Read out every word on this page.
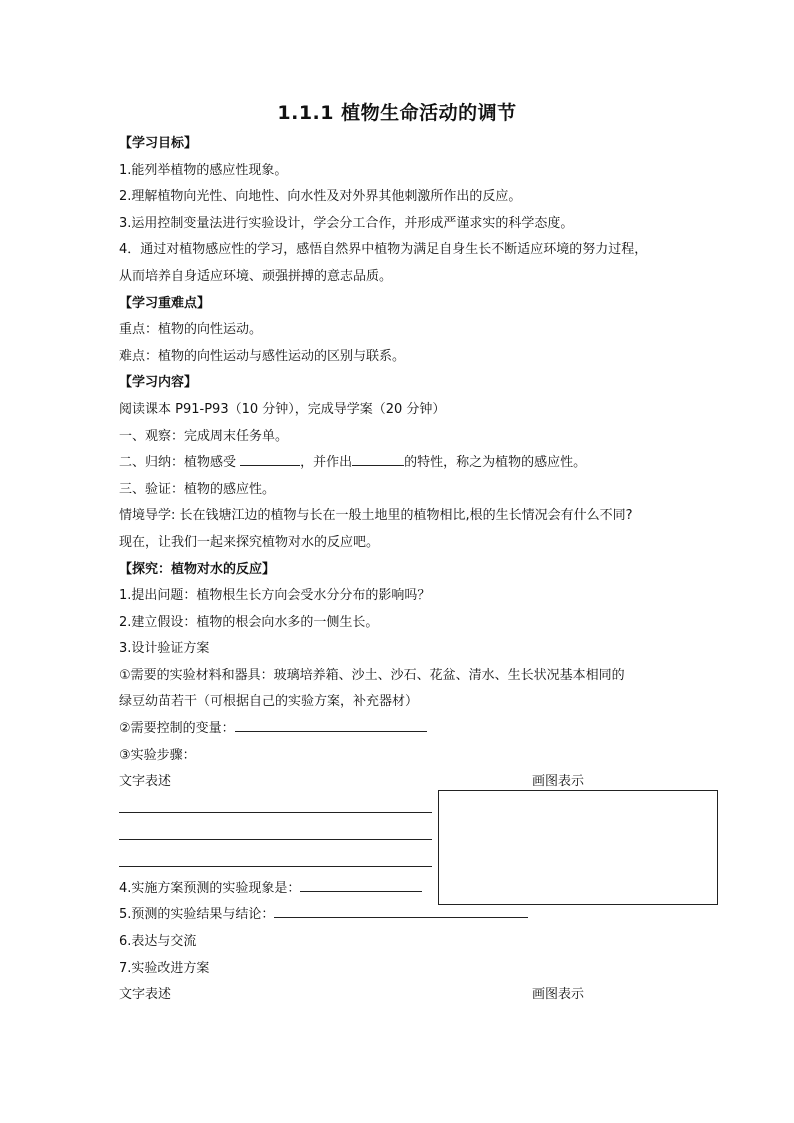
1.1.1 植物生命活动的调节
【学习目标】
1.能列举植物的感应性现象。
2.理解植物向光性、向地性、向水性及对外界其他刺激所作出的反应。
3.运用控制变量法进行实验设计，学会分工合作，并形成严谨求实的科学态度。
4．通过对植物感应性的学习，感悟自然界中植物为满足自身生长不断适应环境的努力过程，
从而培养自身适应环境、顽强拼搏的意志品质。
【学习重难点】
重点：植物的向性运动。
难点：植物的向性运动与感性运动的区别与联系。
【学习内容】
阅读课本 P91-P93（10 分钟），完成导学案（20 分钟）
一、观察：完成周末任务单。
二、归纳：植物感受	，并作出	的特性，称之为植物的感应性。
三、验证：植物的感应性。
情境导学: 长在钱塘江边的植物与长在一般土地里的植物相比,根的生长情况会有什么不同?
现在，让我们一起来探究植物对水的反应吧。
【探究：植物对水的反应】
1.提出问题：植物根生长方向会受水分分布的影响吗？
2.建立假设：植物的根会向水多的一侧生长。
3.设计验证方案
①需要的实验材料和器具：玻璃培养箱、沙土、沙石、花盆、清水、生长状况基本相同的
绿豆幼苗若干（可根据自己的实验方案，补充器材）
②需要控制的变量：
③实验步骤：
文字表述	画图表示
4.实施方案预测的实验现象是：
5.预测的实验结果与结论：
6.表达与交流
7.实验改进方案
文字表述	画图表示
